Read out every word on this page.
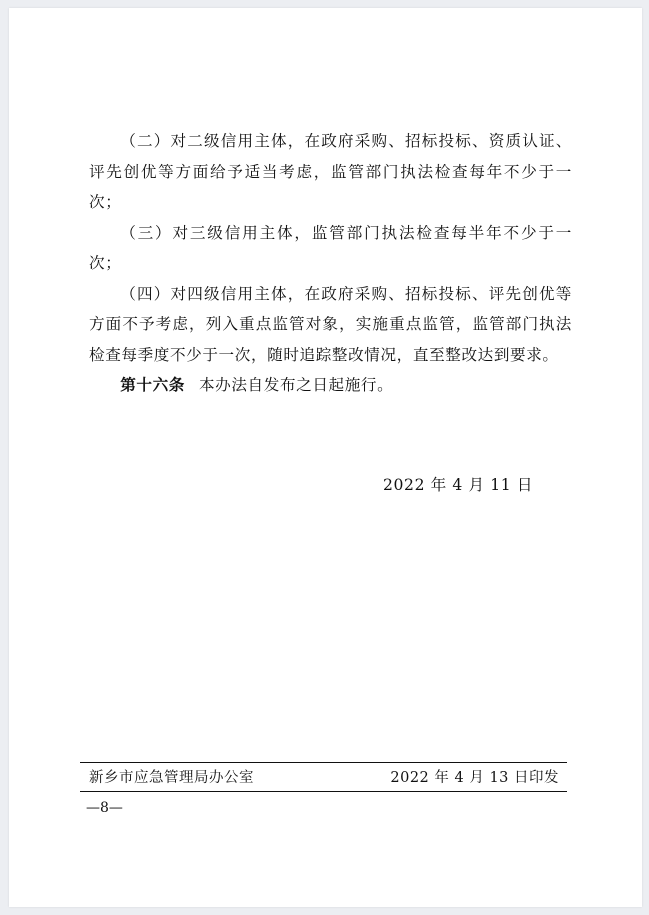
（二）对二级信用主体，在政府采购、招标投标、资质认证、评先创优等方面给予适当考虑，监管部门执法检查每年不少于一次；

（三）对三级信用主体，监管部门执法检查每半年不少于一次；

（四）对四级信用主体，在政府采购、招标投标、评先创优等方面不予考虑，列入重点监管对象，实施重点监管，监管部门执法检查每季度不少于一次，随时追踪整改情况，直至整改达到要求。

第十六条 本办法自发布之日起施行。

2022 年 4 月 11 日
新乡市应急管理局办公室	2022 年 4 月 13 日印发
—8—
